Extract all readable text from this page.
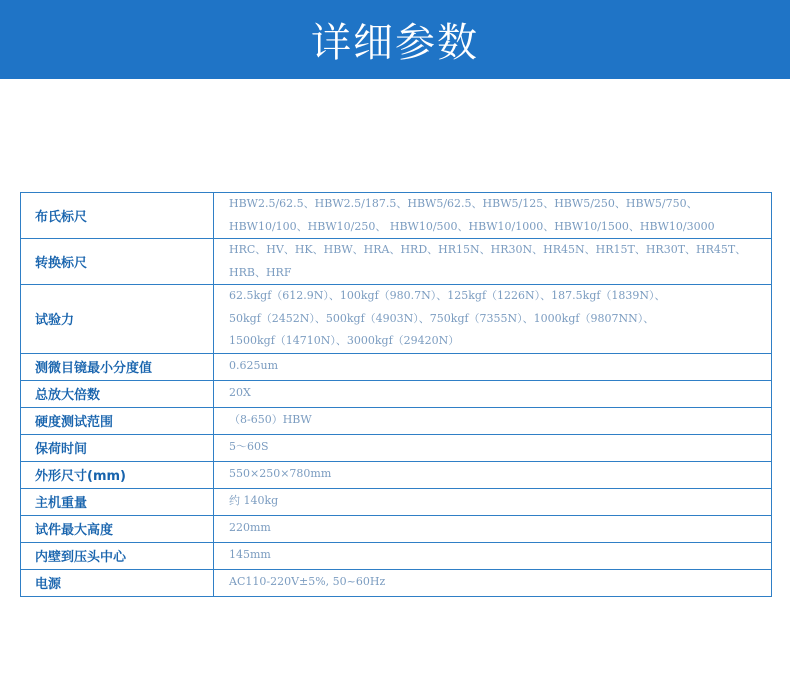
详细参数
布氏标尺	HBW2.5/62.5、HBW2.5/187.5、HBW5/62.5、HBW5/125、HBW5/250、HBW5/750、
HBW10/100、HBW10/250、 HBW10/500、HBW10/1000、HBW10/1500、HBW10/3000
转换标尺	HRC、HV、HK、HBW、HRA、HRD、HR15N、HR30N、HR45N、HR15T、HR30T、HR45T、
HRB、HRF
试验力	62.5kgf（612.9N）、100kgf（980.7N）、125kgf（1226N）、187.5kgf（1839N）、
50kgf（2452N）、500kgf（4903N）、750kgf（7355N）、1000kgf（9807NN）、
1500kgf（14710N）、3000kgf（29420N）
测微目镜最小分度值	0.625um
总放大倍数	20X
硬度测试范围	（8-650）HBW
保荷时间	5～60S
外形尺寸(mm)	550×250×780mm
主机重量	约 140kg
试件最大高度	220mm
内壁到压头中心	145mm
电源	AC110-220V±5%, 50~60Hz
